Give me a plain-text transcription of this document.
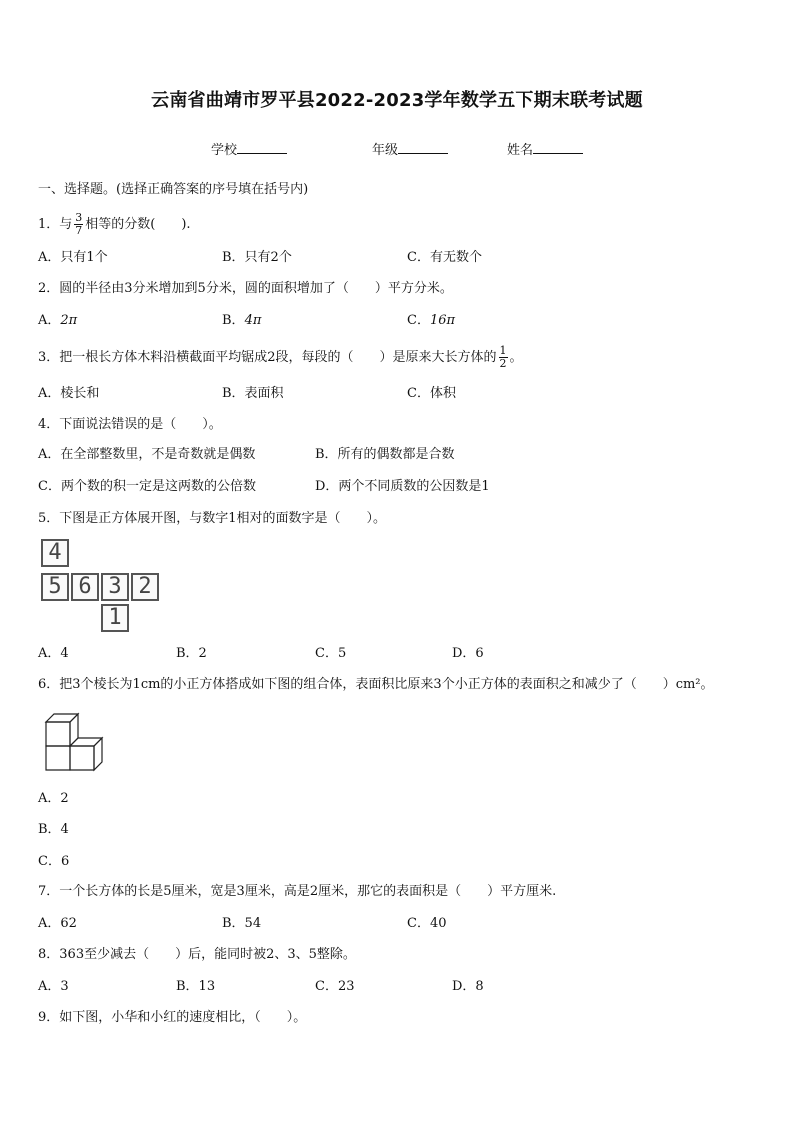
云南省曲靖市罗平县2022-2023学年数学五下期末联考试题
学校	年级	姓名
一、选择题。(选择正确答案的序号填在括号内)
1．与 $\frac{3}{7}$ 相等的分数(　　).
A．只有1个	B．只有2个	C．有无数个
2．圆的半径由3分米增加到5分米，圆的面积增加了（　　）平方分米。
A．2π	B．4π	C．16π
3．把一根长方体木料沿横截面平均锯成2段，每段的（　　）是原来大长方体的 $\frac{1}{2}$ 。
A．棱长和	B．表面积	C．体积
4．下面说法错误的是（　　）。
A．在全部整数里，不是奇数就是偶数	B．所有的偶数都是合数
C．两个数的积一定是这两数的公倍数	D．两个不同质数的公因数是1
5．下图是正方体展开图，与数字1相对的面数字是（　　）。
4
5 6 3 2
1
A．4	B．2	C．5	D．6
6．把3个棱长为1cm的小正方体搭成如下图的组合体，表面积比原来3个小正方体的表面积之和减少了（　　）cm²。
A．2
B．4
C．6
7．一个长方体的长是5厘米，宽是3厘米，高是2厘米，那它的表面积是（　　）平方厘米.
A．62	B．54	C．40
8．363至少减去（　　）后，能同时被2、3、5整除。
A．3	B．13	C．23	D．8
9．如下图，小华和小红的速度相比，（　　）。
